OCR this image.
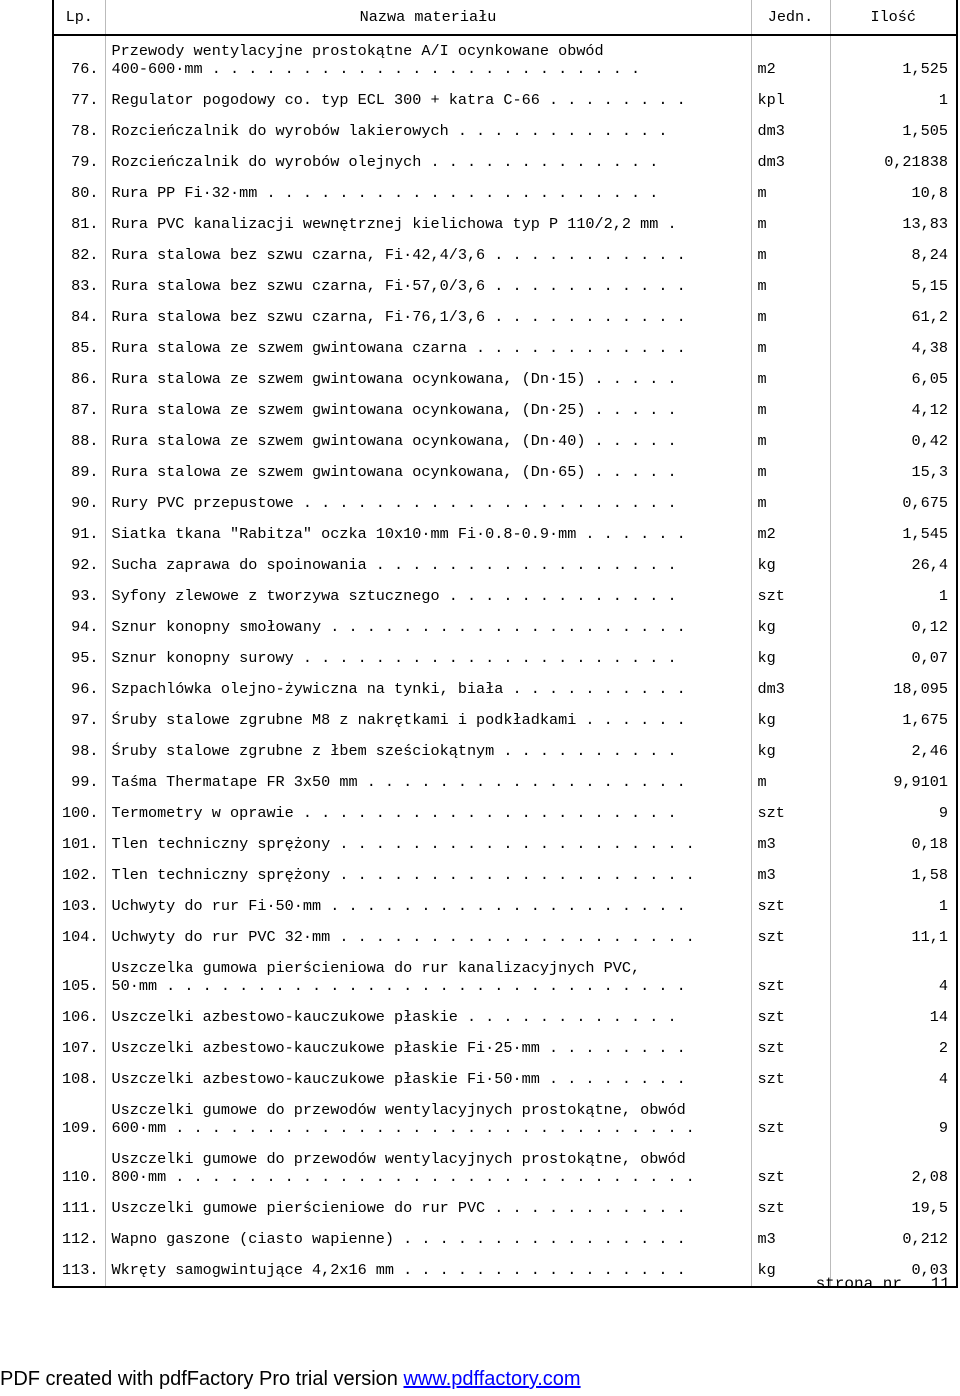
Lp.	Nazwa materiału	Jedn.	Ilość
76.	Przewody wentylacyjne prostokątne A/I ocynkowane obwód
400-600·mm . . . . . . . . . . . . . . . . . . . . . . . .	m2	1,525
77.	Regulator pogodowy co. typ ECL 300 + katra C-66 . . . . . . . .	kpl	1
78.	Rozcieńczalnik do wyrobów lakierowych . . . . . . . . . . . .	dm3	1,505
79.	Rozcieńczalnik do wyrobów olejnych . . . . . . . . . . . . .	dm3	0,21838
80.	Rura PP Fi·32·mm . . . . . . . . . . . . . . . . . . . . . .	m	10,8
81.	Rura PVC kanalizacji wewnętrznej kielichowa typ P 110/2,2 mm .	m	13,83
82.	Rura stalowa bez szwu czarna, Fi·42,4/3,6 . . . . . . . . . . .	m	8,24
83.	Rura stalowa bez szwu czarna, Fi·57,0/3,6 . . . . . . . . . . .	m	5,15
84.	Rura stalowa bez szwu czarna, Fi·76,1/3,6 . . . . . . . . . . .	m	61,2
85.	Rura stalowa ze szwem gwintowana czarna . . . . . . . . . . . .	m	4,38
86.	Rura stalowa ze szwem gwintowana ocynkowana, (Dn·15) . . . . .	m	6,05
87.	Rura stalowa ze szwem gwintowana ocynkowana, (Dn·25) . . . . .	m	4,12
88.	Rura stalowa ze szwem gwintowana ocynkowana, (Dn·40) . . . . .	m	0,42
89.	Rura stalowa ze szwem gwintowana ocynkowana, (Dn·65) . . . . .	m	15,3
90.	Rury PVC przepustowe . . . . . . . . . . . . . . . . . . . . .	m	0,675
91.	Siatka tkana "Rabitza" oczka 10x10·mm Fi·0.8-0.9·mm . . . . . .	m2	1,545
92.	Sucha zaprawa do spoinowania . . . . . . . . . . . . . . . . .	kg	26,4
93.	Syfony zlewowe z tworzywa sztucznego . . . . . . . . . . . . .	szt	1
94.	Sznur konopny smołowany . . . . . . . . . . . . . . . . . . . .	kg	0,12
95.	Sznur konopny surowy . . . . . . . . . . . . . . . . . . . . .	kg	0,07
96.	Szpachlówka olejno-żywiczna na tynki, biała . . . . . . . . . .	dm3	18,095
97.	Śruby stalowe zgrubne M8 z nakrętkami i podkładkami . . . . . .	kg	1,675
98.	Śruby stalowe zgrubne z łbem sześciokątnym . . . . . . . . . .	kg	2,46
99.	Taśma Thermatape FR 3x50 mm . . . . . . . . . . . . . . . . . .	m	9,9101
100.	Termometry w oprawie . . . . . . . . . . . . . . . . . . . . .	szt	9
101.	Tlen techniczny sprężony . . . . . . . . . . . . . . . . . . . .	m3	0,18
102.	Tlen techniczny sprężony . . . . . . . . . . . . . . . . . . . .	m3	1,58
103.	Uchwyty do rur Fi·50·mm . . . . . . . . . . . . . . . . . . . .	szt	1
104.	Uchwyty do rur PVC 32·mm . . . . . . . . . . . . . . . . . . . .	szt	11,1
105.	Uszczelka gumowa pierścieniowa do rur kanalizacyjnych PVC,
50·mm . . . . . . . . . . . . . . . . . . . . . . . . . . . . .	szt	4
106.	Uszczelki azbestowo-kauczukowe płaskie . . . . . . . . . . . .	szt	14
107.	Uszczelki azbestowo-kauczukowe płaskie Fi·25·mm . . . . . . . .	szt	2
108.	Uszczelki azbestowo-kauczukowe płaskie Fi·50·mm . . . . . . . .	szt	4
109.	Uszczelki gumowe do przewodów wentylacyjnych prostokątne, obwód
600·mm . . . . . . . . . . . . . . . . . . . . . . . . . . . . .	szt	9
110.	Uszczelki gumowe do przewodów wentylacyjnych prostokątne, obwód
800·mm . . . . . . . . . . . . . . . . . . . . . . . . . . . . .	szt	2,08
111.	Uszczelki gumowe pierścieniowe do rur PVC . . . . . . . . . . .	szt	19,5
112.	Wapno gaszone (ciasto wapienne) . . . . . . . . . . . . . . . .	m3	0,212
113.	Wkręty samogwintujące 4,2x16 mm . . . . . . . . . . . . . . . .	kg	0,03
strona nr 11
PDF created with pdfFactory Pro trial version www.pdffactory.com
